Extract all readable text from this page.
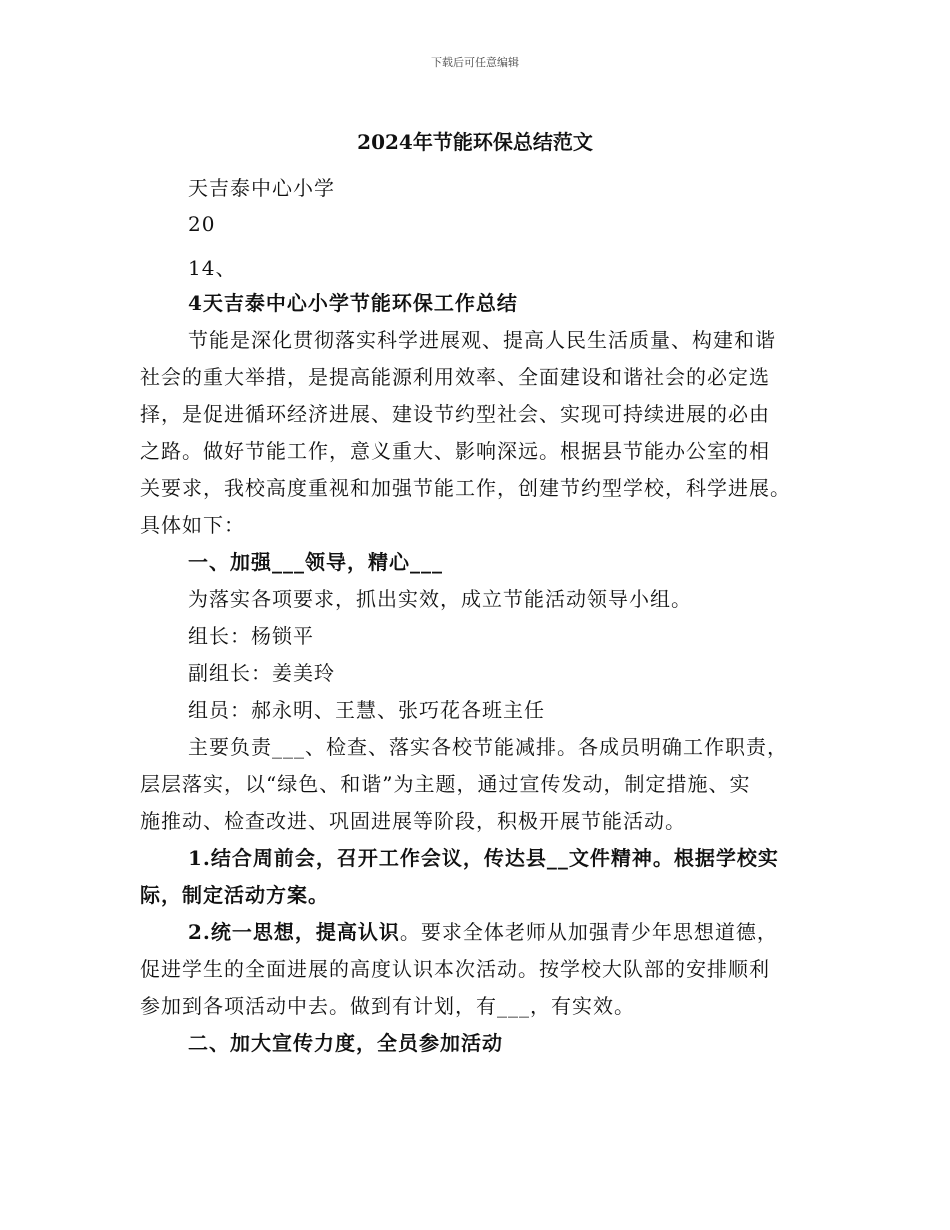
下载后可任意编辑
2024年节能环保总结范文
天吉泰中心小学
20
14、
4天吉泰中心小学节能环保工作总结
节能是深化贯彻落实科学进展观、提高人民生活质量、构建和谐
社会的重大举措，是提高能源利用效率、全面建设和谐社会的必定选
择，是促进循环经济进展、建设节约型社会、实现可持续进展的必由
之路。做好节能工作，意义重大、影响深远。根据县节能办公室的相
关要求，我校高度重视和加强节能工作，创建节约型学校，科学进展。
具体如下：
一、加强___领导，精心___
为落实各项要求，抓出实效，成立节能活动领导小组。
组长：杨锁平
副组长：姜美玲
组员：郝永明、王慧、张巧花各班主任
主要负责___、检查、落实各校节能减排。各成员明确工作职责，
层层落实，以“绿色、和谐”为主题，通过宣传发动，制定措施、实
施推动、检查改进、巩固进展等阶段，积极开展节能活动。
1.结合周前会，召开工作会议，传达县__文件精神。根据学校实
际，制定活动方案。
2.统一思想，提高认识。要求全体老师从加强青少年思想道德，
促进学生的全面进展的高度认识本次活动。按学校大队部的安排顺利
参加到各项活动中去。做到有计划，有___，有实效。
二、加大宣传力度，全员参加活动
